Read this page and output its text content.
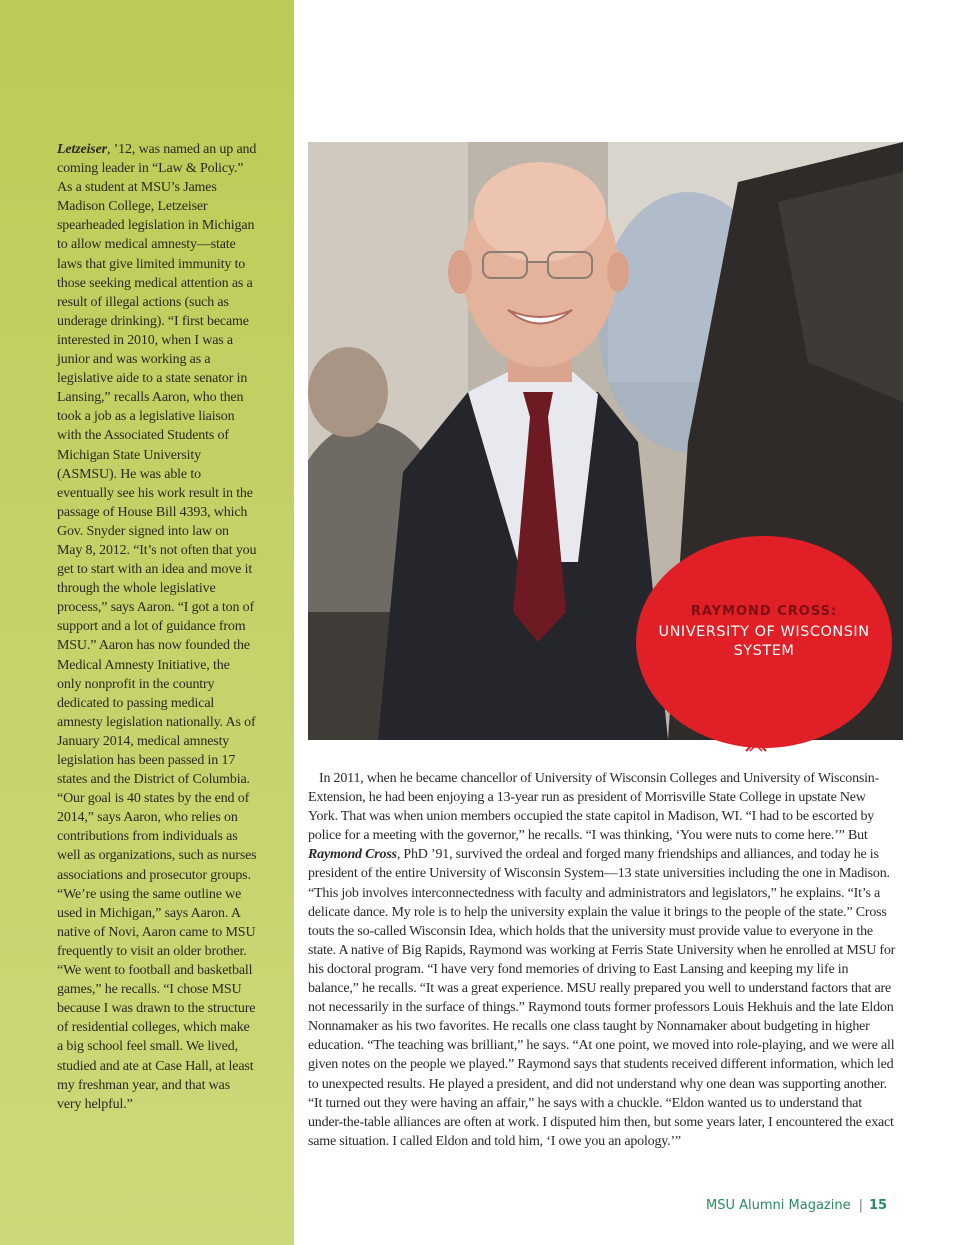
Letzeiser, ’12, was named an up and coming leader in “Law & Policy.” As a student at MSU’s James Madison College, Letzeiser spearheaded legislation in Michigan to allow medical amnesty—state laws that give limited immunity to those seeking medical attention as a result of illegal actions (such as underage drinking). “I first became interested in 2010, when I was a junior and was working as a legislative aide to a state senator in Lansing,” recalls Aaron, who then took a job as a legislative liaison with the Associated Students of Michigan State University (ASMSU). He was able to eventually see his work result in the passage of House Bill 4393, which Gov. Snyder signed into law on May 8, 2012. “It’s not often that you get to start with an idea and move it through the whole legislative process,” says Aaron. “I got a ton of support and a lot of guidance from MSU.” Aaron has now founded the Medical Amnesty Initiative, the only nonprofit in the country dedicated to passing medical amnesty legislation nationally. As of January 2014, medical amnesty legislation has been passed in 17 states and the District of Columbia. “Our goal is 40 states by the end of 2014,” says Aaron, who relies on contributions from individuals as well as organizations, such as nurses associations and prosecutor groups. “We’re using the same outline we used in Michigan,” says Aaron. A native of Novi, Aaron came to MSU frequently to visit an older brother. “We went to football and basketball games,” he recalls. “I chose MSU because I was drawn to the structure of residential colleges, which make a big school feel small. We lived, studied and ate at Case Hall, at least my freshman year, and that was very helpful.”
RAYMOND CROSS:
UNIVERSITY OF WISCONSIN SYSTEM
In 2011, when he became chancellor of University of Wisconsin Colleges and University of Wisconsin-Extension, he had been enjoying a 13-year run as president of Morrisville State College in upstate New York. That was when union members occupied the state capitol in Madison, WI. “I had to be escorted by police for a meeting with the governor,” he recalls. “I was thinking, ‘You were nuts to come here.’” But Raymond Cross, PhD ’91, survived the ordeal and forged many friendships and alliances, and today he is president of the entire University of Wisconsin System—13 state universities including the one in Madison. “This job involves interconnectedness with faculty and administrators and legislators,” he explains. “It’s a delicate dance. My role is to help the university explain the value it brings to the people of the state.” Cross touts the so-called Wisconsin Idea, which holds that the university must provide value to everyone in the state. A native of Big Rapids, Raymond was working at Ferris State University when he enrolled at MSU for his doctoral program. “I have very fond memories of driving to East Lansing and keeping my life in balance,” he recalls. “It was a great experience. MSU really prepared you well to understand factors that are not necessarily in the surface of things.” Raymond touts former professors Louis Hekhuis and the late Eldon Nonnamaker as his two favorites. He recalls one class taught by Nonnamaker about budgeting in higher education. “The teaching was brilliant,” he says. “At one point, we moved into role-playing, and we were all given notes on the people we played.” Raymond says that students received different information, which led to unexpected results. He played a president, and did not understand why one dean was supporting another. “It turned out they were having an affair,” he says with a chuckle. “Eldon wanted us to understand that under-the-table alliances are often at work. I disputed him then, but some years later, I encountered the exact same situation. I called Eldon and told him, ‘I owe you an apology.’”
MSU Alumni Magazine | 15
